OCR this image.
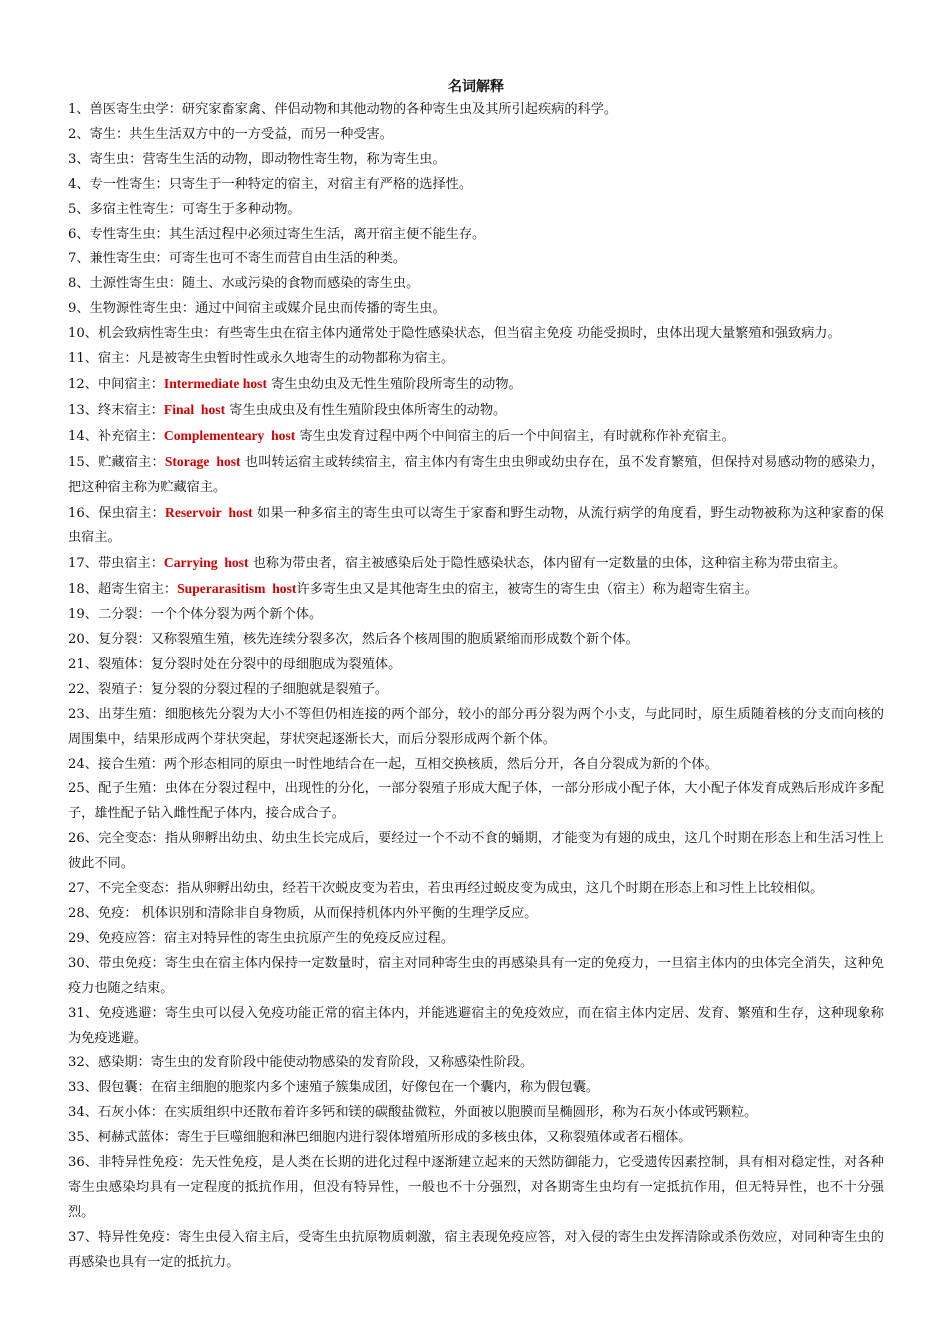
名词解释
1、兽医寄生虫学：研究家畜家禽、伴侣动物和其他动物的各种寄生虫及其所引起疾病的科学。
2、寄生：共生生活双方中的一方受益，而另一种受害。
3、寄生虫：营寄生生活的动物，即动物性寄生物，称为寄生虫。
4、专一性寄生：只寄生于一种特定的宿主，对宿主有严格的选择性。
5、多宿主性寄生：可寄生于多种动物。
6、专性寄生虫：其生活过程中必须过寄生生活，离开宿主便不能生存。
7、兼性寄生虫：可寄生也可不寄生而营自由生活的种类。
8、土源性寄生虫：随土、水或污染的食物而感染的寄生虫。
9、生物源性寄生虫：通过中间宿主或媒介昆虫而传播的寄生虫。
10、机会致病性寄生虫：有些寄生虫在宿主体内通常处于隐性感染状态，但当宿主免疫 功能受损时，虫体出现大量繁殖和强致病力。
11、宿主：凡是被寄生虫暂时性或永久地寄生的动物都称为宿主。
12、中间宿主：Intermediate host 寄生虫幼虫及无性生殖阶段所寄生的动物。
13、终末宿主：Final  host 寄生虫成虫及有性生殖阶段虫体所寄生的动物。
14、补充宿主：Complementeary  host 寄生虫发育过程中两个中间宿主的后一个中间宿主，有时就称作补充宿主。
15、贮藏宿主：Storage  host 也叫转运宿主或转续宿主，宿主体内有寄生虫虫卵或幼虫存在，虽不发育繁殖，但保持对易感动物的感染力，把这种宿主称为贮藏宿主。
16、保虫宿主：Reservoir  host 如果一种多宿主的寄生虫可以寄生于家畜和野生动物，从流行病学的角度看，野生动物被称为这种家畜的保虫宿主。
17、带虫宿主：Carrying  host 也称为带虫者，宿主被感染后处于隐性感染状态，体内留有一定数量的虫体，这种宿主称为带虫宿主。
18、超寄生宿主：Superarasitism  host许多寄生虫又是其他寄生虫的宿主，被寄生的寄生虫（宿主）称为超寄生宿主。
19、二分裂：一个个体分裂为两个新个体。
20、复分裂：又称裂殖生殖，核先连续分裂多次，然后各个核周围的胞质紧缩而形成数个新个体。
21、裂殖体：复分裂时处在分裂中的母细胞成为裂殖体。
22、裂殖子：复分裂的分裂过程的子细胞就是裂殖子。
23、出芽生殖：细胞核先分裂为大小不等但仍相连接的两个部分，较小的部分再分裂为两个小支，与此同时，原生质随着核的分支而向核的周围集中，结果形成两个芽状突起，芽状突起逐渐长大，而后分裂形成两个新个体。
24、接合生殖：两个形态相同的原虫一时性地结合在一起，互相交换核质，然后分开，各自分裂成为新的个体。
25、配子生殖：虫体在分裂过程中，出现性的分化，一部分裂殖子形成大配子体，一部分形成小配子体，大小配子体发育成熟后形成许多配子，雄性配子钻入雌性配子体内，接合成合子。
26、完全变态：指从卵孵出幼虫、幼虫生长完成后，要经过一个不动不食的蛹期，才能变为有翅的成虫，这几个时期在形态上和生活习性上彼此不同。
27、不完全变态：指从卵孵出幼虫，经若干次蜕皮变为若虫，若虫再经过蜕皮变为成虫，这几个时期在形态上和习性上比较相似。
28、免疫： 机体识别和清除非自身物质，从而保持机体内外平衡的生理学反应。
29、免疫应答：宿主对特异性的寄生虫抗原产生的免疫反应过程。
30、带虫免疫：寄生虫在宿主体内保持一定数量时，宿主对同种寄生虫的再感染具有一定的免疫力，一旦宿主体内的虫体完全消失，这种免疫力也随之结束。
31、免疫逃避：寄生虫可以侵入免疫功能正常的宿主体内，并能逃避宿主的免疫效应，而在宿主体内定居、发育、繁殖和生存，这种现象称为免疫逃避。
32、感染期：寄生虫的发育阶段中能使动物感染的发育阶段，又称感染性阶段。
33、假包囊：在宿主细胞的胞浆内多个速殖子簇集成团，好像包在一个囊内，称为假包囊。
34、石灰小体：在实质组织中还散布着许多钙和镁的碳酸盐微粒，外面被以胞膜而呈椭圆形，称为石灰小体或钙颗粒。
35、柯赫式蓝体：寄生于巨噬细胞和淋巴细胞内进行裂体增殖所形成的多核虫体，又称裂殖体或者石榴体。
36、非特异性免疫：先天性免疫，是人类在长期的进化过程中逐渐建立起来的天然防御能力，它受遗传因素控制，具有相对稳定性，对各种寄生虫感染均具有一定程度的抵抗作用，但没有特异性，一般也不十分强烈，对各期寄生虫均有一定抵抗作用，但无特异性，也不十分强烈。
37、特异性免疫：寄生虫侵入宿主后，受寄生虫抗原物质刺激，宿主表现免疫应答，对入侵的寄生虫发挥清除或杀伤效应，对同种寄生虫的再感染也具有一定的抵抗力。
